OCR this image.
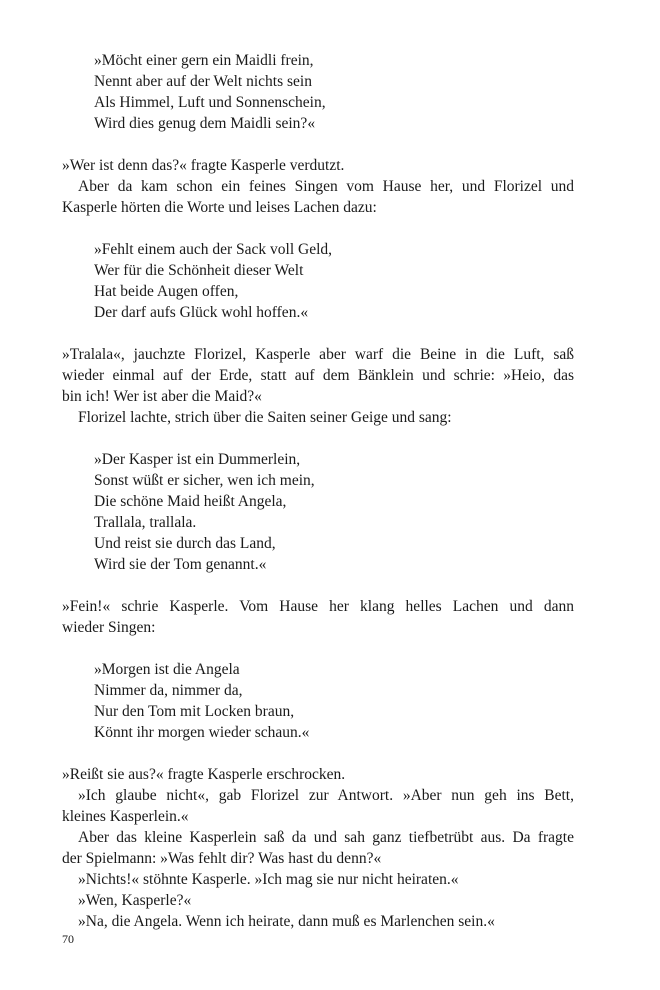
»Möcht einer gern ein Maidli frein,
Nennt aber auf der Welt nichts sein
Als Himmel, Luft und Sonnenschein,
Wird dies genug dem Maidli sein?«
»Wer ist denn das?« fragte Kasperle verdutzt.
Aber da kam schon ein feines Singen vom Hause her, und Florizel und
Kasperle hörten die Worte und leises Lachen dazu:
»Fehlt einem auch der Sack voll Geld,
Wer für die Schönheit dieser Welt
Hat beide Augen offen,
Der darf aufs Glück wohl hoffen.«
»Tralala«, jauchzte Florizel, Kasperle aber warf die Beine in die Luft, saß
wieder einmal auf der Erde, statt auf dem Bänklein und schrie: »Heio, das
bin ich! Wer ist aber die Maid?«
Florizel lachte, strich über die Saiten seiner Geige und sang:
»Der Kasper ist ein Dummerlein,
Sonst wüßt er sicher, wen ich mein,
Die schöne Maid heißt Angela,
Trallala, trallala.
Und reist sie durch das Land,
Wird sie der Tom genannt.«
»Fein!« schrie Kasperle. Vom Hause her klang helles Lachen und dann
wieder Singen:
»Morgen ist die Angela
Nimmer da, nimmer da,
Nur den Tom mit Locken braun,
Könnt ihr morgen wieder schaun.«
»Reißt sie aus?« fragte Kasperle erschrocken.
»Ich glaube nicht«, gab Florizel zur Antwort. »Aber nun geh ins Bett,
kleines Kasperlein.«
Aber das kleine Kasperlein saß da und sah ganz tiefbetrübt aus. Da fragte
der Spielmann: »Was fehlt dir? Was hast du denn?«
»Nichts!« stöhnte Kasperle. »Ich mag sie nur nicht heiraten.«
»Wen, Kasperle?«
»Na, die Angela. Wenn ich heirate, dann muß es Marlenchen sein.«
70
